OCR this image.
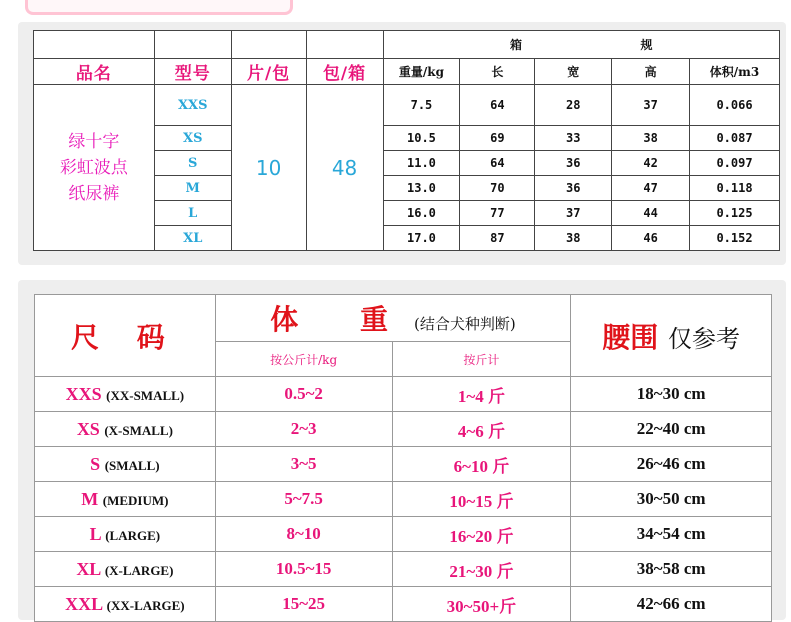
				箱 规				
品名	型号	片/包	包/箱	重量/kg	长	宽	高	体积/m3

绿十字
彩虹波点
纸尿裤	XXS	10	48	7.5	64	28	37	0.066
	XS			10.5	69	33	38	0.087
	S			11.0	64	36	42	0.097
	M			13.0	70	36	47	0.118
	L			16.0	77	37	44	0.125
	XL			17.0	87	38	46	0.152
尺 码	体 重(结合犬种判断)		腰围 仅参考
	按公斤计/kg	按斤计	
XXS (XX-SMALL)	0.5~2	1~4 斤	18~30 cm
XS (X-SMALL)	2~3	4~6 斤	22~40 cm
S (SMALL)	3~5	6~10 斤	26~46 cm
M (MEDIUM)	5~7.5	10~15 斤	30~50 cm
L (LARGE)	8~10	16~20 斤	34~54 cm
XL (X-LARGE)	10.5~15	21~30 斤	38~58 cm
XXL (XX-LARGE)	15~25	30~50+斤	42~66 cm
